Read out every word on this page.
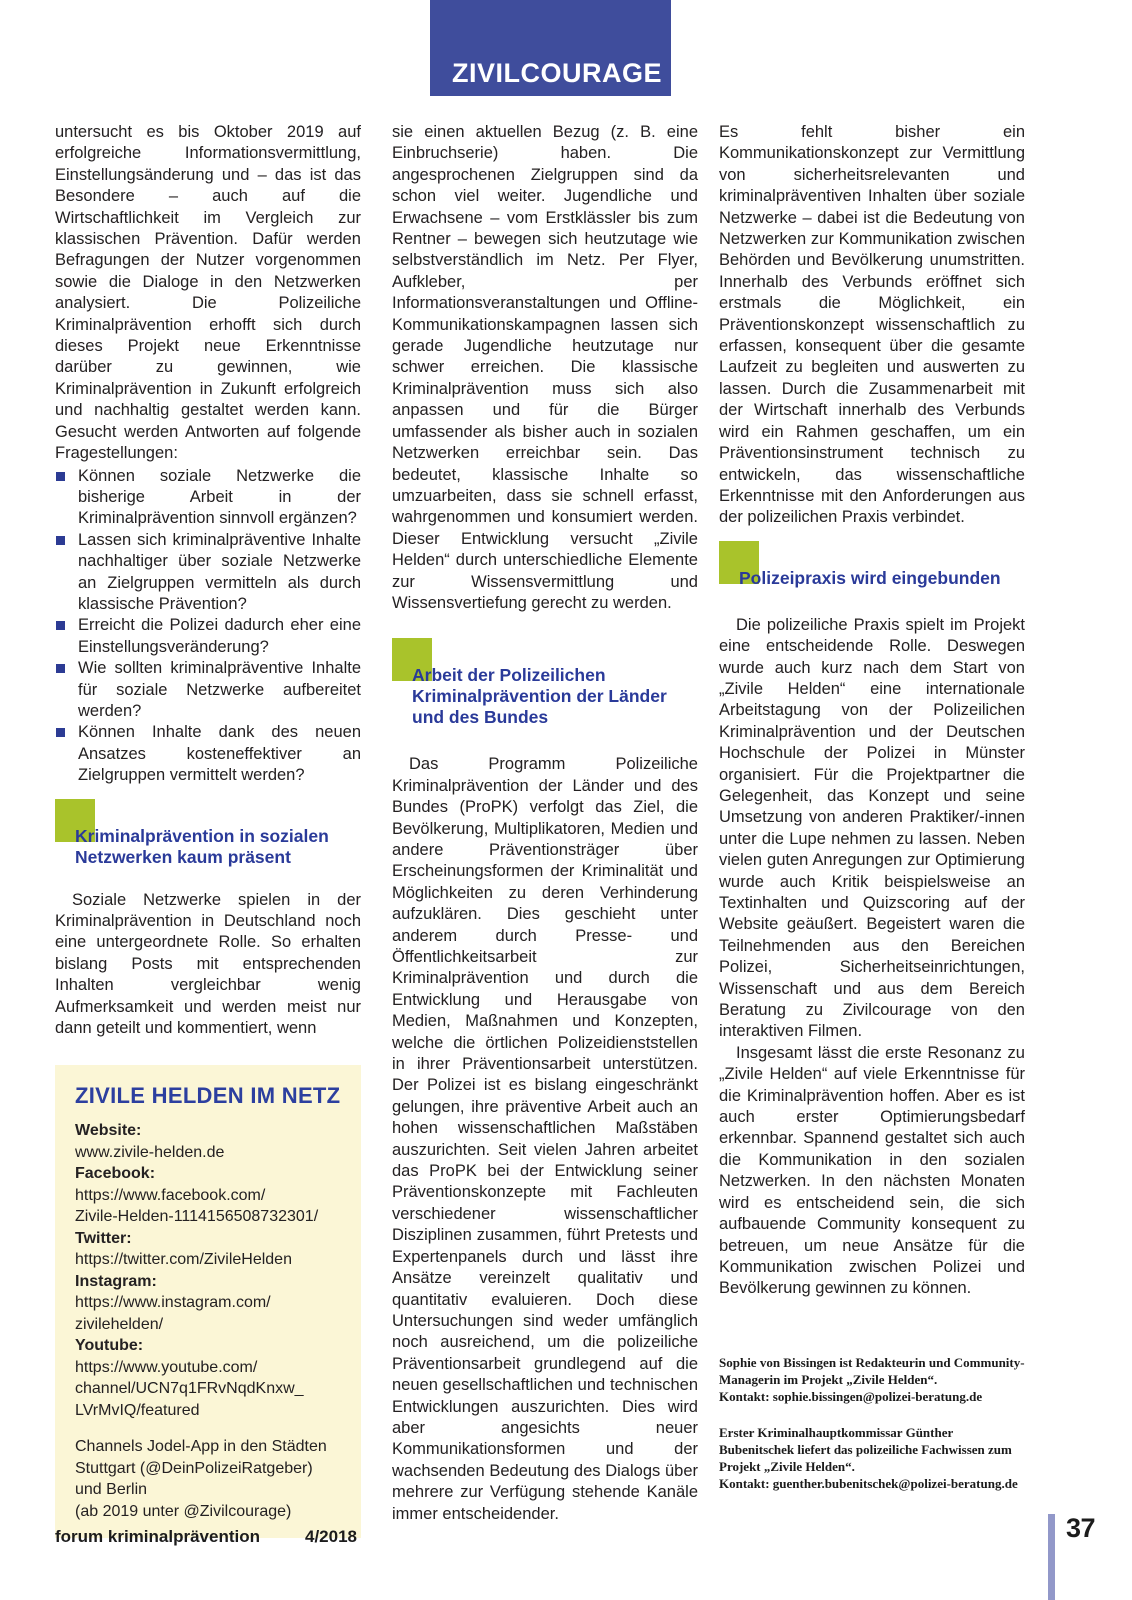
ZIVILCOURAGE

untersucht es bis Oktober 2019 auf erfolgreiche Informationsvermittlung, Einstellungsänderung und – das ist das Besondere – auch auf die Wirtschaftlichkeit im Vergleich zur klassischen Prävention. Dafür werden Befragungen der Nutzer vorgenommen sowie die Dialoge in den Netzwerken analysiert. Die Polizeiliche Kriminalprävention erhofft sich durch dieses Projekt neue Erkenntnisse darüber zu gewinnen, wie Kriminalprävention in Zukunft erfolgreich und nachhaltig gestaltet werden kann. Gesucht werden Antworten auf folgende Fragestellungen:

Können soziale Netzwerke die bisherige Arbeit in der Kriminalprävention sinnvoll ergänzen?
Lassen sich kriminalpräventive Inhalte nachhaltiger über soziale Netzwerke an Zielgruppen vermitteln als durch klassische Prävention?
Erreicht die Polizei dadurch eher eine Einstellungsveränderung?
Wie sollten kriminalpräventive Inhalte für soziale Netzwerke aufbereitet werden?
Können Inhalte dank des neuen Ansatzes kosteneffektiver an Zielgruppen vermittelt werden?
Kriminalprävention in sozialen Netzwerken kaum präsent

Soziale Netzwerke spielen in der Kriminalprävention in Deutschland noch eine untergeordnete Rolle. So erhalten bislang Posts mit entsprechenden Inhalten vergleichbar wenig Aufmerksamkeit und werden meist nur dann geteilt und kommentiert, wenn

ZIVILE HELDEN IM NETZ
Website:
www.zivile-helden.de
Facebook:
https://www.facebook.com/
Zivile-Helden-1114156508732301/
Twitter:
https://twitter.com/ZivileHelden
Instagram:
https://www.instagram.com/
zivilehelden/
Youtube:
https://www.youtube.com/
channel/UCN7q1FRvNqdKnxw_
LVrMvIQ/featured
Channels Jodel-App in den Städten
Stuttgart (@DeinPolizeiRatgeber)
und Berlin
(ab 2019 unter @Zivilcourage)

sie einen aktuellen Bezug (z. B. eine Einbruchserie) haben. Die angesprochenen Zielgruppen sind da schon viel weiter. Jugendliche und Erwachsene – vom Erstklässler bis zum Rentner – bewegen sich heutzutage wie selbstverständlich im Netz. Per Flyer, Aufkleber, per Informationsveranstaltungen und Offline-Kommunikationskampagnen lassen sich gerade Jugendliche heutzutage nur schwer erreichen. Die klassische Kriminalprävention muss sich also anpassen und für die Bürger umfassender als bisher auch in sozialen Netzwerken erreichbar sein. Das bedeutet, klassische Inhalte so umzuarbeiten, dass sie schnell erfasst, wahrgenommen und konsumiert werden. Dieser Entwicklung versucht „Zivile Helden“ durch unterschiedliche Elemente zur Wissensvermittlung und Wissensvertiefung gerecht zu werden.

Arbeit der Polizeilichen Kriminalprävention der Länder und des Bundes

Das Programm Polizeiliche Kriminalprävention der Länder und des Bundes (ProPK) verfolgt das Ziel, die Bevölkerung, Multiplikatoren, Medien und andere Präventionsträger über Erscheinungsformen der Kriminalität und Möglichkeiten zu deren Verhinderung aufzuklären. Dies geschieht unter anderem durch Presse- und Öffentlichkeitsarbeit zur Kriminalprävention und durch die Entwicklung und Herausgabe von Medien, Maßnahmen und Konzepten, welche die örtlichen Polizeidienststellen in ihrer Präventionsarbeit unterstützen. Der Polizei ist es bislang eingeschränkt gelungen, ihre präventive Arbeit auch an hohen wissenschaftlichen Maßstäben auszurichten. Seit vielen Jahren arbeitet das ProPK bei der Entwicklung seiner Präventionskonzepte mit Fachleuten verschiedener wissenschaftlicher Disziplinen zusammen, führt Pretests und Expertenpanels durch und lässt ihre Ansätze vereinzelt qualitativ und quantitativ evaluieren. Doch diese Untersuchungen sind weder umfänglich noch ausreichend, um die polizeiliche Präventionsarbeit grundlegend auf die neuen gesellschaftlichen und technischen Entwicklungen auszurichten. Dies wird aber angesichts neuer Kommunikationsformen und der wachsenden Bedeutung des Dialogs über mehrere zur Verfügung stehende Kanäle immer entscheidender.

Es fehlt bisher ein Kommunikationskonzept zur Vermittlung von sicherheitsrelevanten und kriminalpräventiven Inhalten über soziale Netzwerke – dabei ist die Bedeutung von Netzwerken zur Kommunikation zwischen Behörden und Bevölkerung unumstritten. Innerhalb des Verbunds eröffnet sich erstmals die Möglichkeit, ein Präventionskonzept wissenschaftlich zu erfassen, konsequent über die gesamte Laufzeit zu begleiten und auswerten zu lassen. Durch die Zusammenarbeit mit der Wirtschaft innerhalb des Verbunds wird ein Rahmen geschaffen, um ein Präventionsinstrument technisch zu entwickeln, das wissenschaftliche Erkenntnisse mit den Anforderungen aus der polizeilichen Praxis verbindet.

Polizeipraxis wird eingebunden

Die polizeiliche Praxis spielt im Projekt eine entscheidende Rolle. Deswegen wurde auch kurz nach dem Start von „Zivile Helden“ eine internationale Arbeitstagung von der Polizeilichen Kriminalprävention und der Deutschen Hochschule der Polizei in Münster organisiert. Für die Projektpartner die Gelegenheit, das Konzept und seine Umsetzung von anderen Praktiker/-innen unter die Lupe nehmen zu lassen. Neben vielen guten Anregungen zur Optimierung wurde auch Kritik beispielsweise an Textinhalten und Quizscoring auf der Website geäußert. Begeistert waren die Teilnehmenden aus den Bereichen Polizei, Sicherheitseinrichtungen, Wissenschaft und aus dem Bereich Beratung zu Zivilcourage von den interaktiven Filmen.

Insgesamt lässt die erste Resonanz zu „Zivile Helden“ auf viele Erkenntnisse für die Kriminalprävention hoffen. Aber es ist auch erster Optimierungsbedarf erkennbar. Spannend gestaltet sich auch die Kommunikation in den sozialen Netzwerken. In den nächsten Monaten wird es entscheidend sein, die sich aufbauende Community konsequent zu betreuen, um neue Ansätze für die Kommunikation zwischen Polizei und Bevölkerung gewinnen zu können.

Sophie von Bissingen ist Redakteurin und Community-Managerin im Projekt „Zivile Helden“.

Kontakt: sophie.bissingen@polizei-beratung.de

Erster Kriminalhauptkommissar Günther Bubenitschek liefert das polizeiliche Fachwissen zum Projekt „Zivile Helden“.

Kontakt: guenther.bubenitschek@polizei-beratung.de

forum kriminalprävention	4/2018	37
